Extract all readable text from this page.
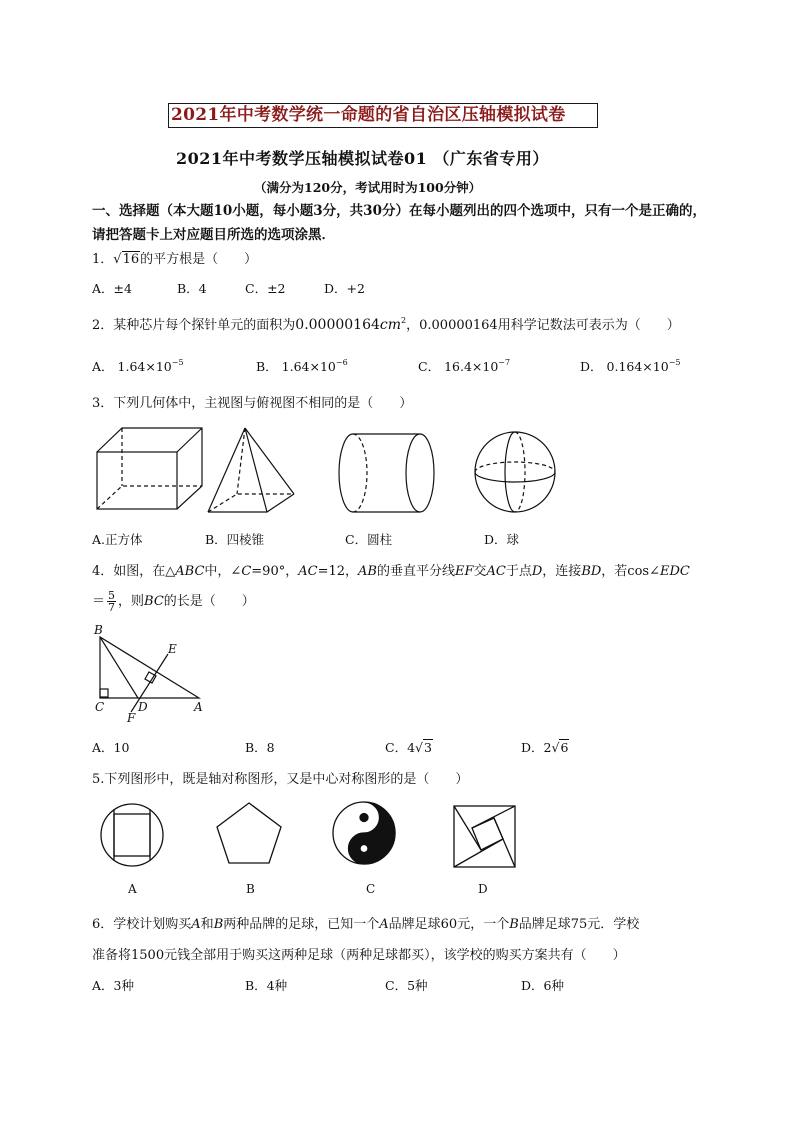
2021年中考数学统一命题的省自治区压轴模拟试卷
2021年中考数学压轴模拟试卷01 （广东省专用）
（满分为120分，考试用时为100分钟）
一、选择题（本大题10小题，每小题3分，共30分）在每小题列出的四个选项中，只有一个是正确的，请把答题卡上对应题目所选的选项涂黑．
1．√16的平方根是（　　）
A．±4	B．4	C．±2	D．+2
2．某种芯片每个探针单元的面积为$0.00000164cm^2$，0.00000164用科学记数法可表示为（　　）
A． $1.64\times 10^{-5}$	B． $1.64\times 10^{-6}$	C． $16.4\times 10^{-7}$	D． $0.164\times 10^{-5}$
3．下列几何体中，主视图与俯视图不相同的是（　　）
A.正方体	B．四棱锥	C．圆柱	D．球
4．如图，在△ABC中，∠C=90°，AC=12，AB的垂直平分线EF交AC于点D，连接BD，若cos∠EDC
＝ $\frac{5}{7}$ ，则BC的长是（　　）
B
E
C	D	A
F
A．10	B．8	C．4√3	D．2√6
5.下列图形中，既是轴对称图形，又是中心对称图形的是（　　）
A	B	C	D
6．学校计划购买A和B两种品牌的足球，已知一个A品牌足球60元，一个B品牌足球75元．学校
准备将1500元钱全部用于购买这两种足球（两种足球都买），该学校的购买方案共有（　　）
A．3种	B．4种	C．5种	D．6种
